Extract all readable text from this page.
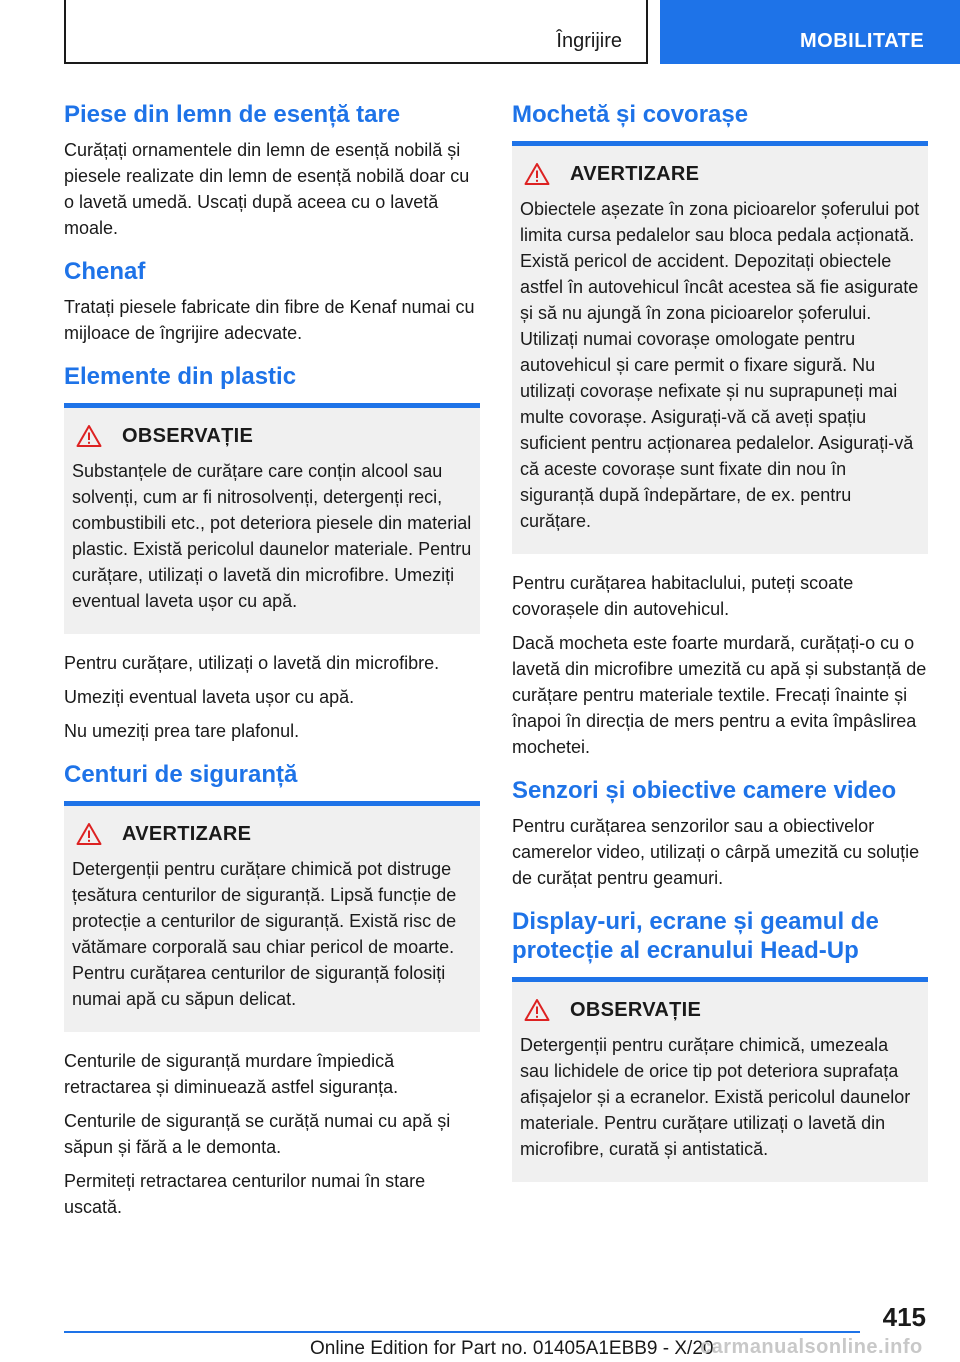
Îngrijire	MOBILITATE
Piese din lemn de esență tare

Curățați ornamentele din lemn de esență nobilă și piesele realizate din lemn de esență nobilă doar cu o lavetă umedă. Uscați după aceea cu o lavetă moale.

Chenaf

Tratați piesele fabricate din fibre de Kenaf numai cu mijloace de îngrijire adecvate.

Elemente din plastic
OBSERVAȚIE

Substanțele de curățare care conțin alcool sau solvenți, cum ar fi nitrosolvenți, detergenți reci, combustibili etc., pot deteriora piesele din material plastic. Există pericolul daunelor materiale. Pentru curățare, utilizați o lavetă din microfibre. Umeziți eventual laveta ușor cu apă.

Pentru curățare, utilizați o lavetă din microfibre.

Umeziți eventual laveta ușor cu apă.

Nu umeziți prea tare plafonul.

Centuri de siguranță
AVERTIZARE

Detergenții pentru curățare chimică pot distruge țesătura centurilor de siguranță. Lipsă funcție de protecție a centurilor de siguranță. Există risc de vătămare corporală sau chiar pericol de moarte. Pentru curățarea centurilor de siguranță folosiți numai apă cu săpun delicat.

Centurile de siguranță murdare împiedică retractarea și diminuează astfel siguranța.

Centurile de siguranță se curăță numai cu apă și săpun și fără a le demonta.

Permiteți retractarea centurilor numai în stare uscată.

Mochetă și covorașe
AVERTIZARE

Obiectele așezate în zona picioarelor șoferului pot limita cursa pedalelor sau bloca pedala acționată. Există pericol de accident. Depozitați obiectele astfel în autovehicul încât acestea să fie asigurate și să nu ajungă în zona picioarelor șoferului. Utilizați numai covorașe omologate pentru autovehicul și care permit o fixare sigură. Nu utilizați covorașe nefixate și nu suprapuneți mai multe covorașe. Asigurați-vă că aveți spațiu suficient pentru acționarea pedalelor. Asigurați-vă că aceste covorașe sunt fixate din nou în siguranță după îndepărtare, de ex. pentru curățare.

Pentru curățarea habitaclului, puteți scoate covorașele din autovehicul.

Dacă mocheta este foarte murdară, curățați-o cu o lavetă din microfibre umezită cu apă și substanță de curățare pentru materiale textile. Frecați înainte și înapoi în direcția de mers pentru a evita împâslirea mochetei.

Senzori și obiective camere video

Pentru curățarea senzorilor sau a obiectivelor camerelor video, utilizați o cârpă umezită cu soluție de curățat pentru geamuri.

Display-uri, ecrane și geamul de protecție al ecranului Head-Up
OBSERVAȚIE

Detergenții pentru curățare chimică, umezeala sau lichidele de orice tip pot deteriora suprafața afișajelor și a ecranelor. Există pericolul daunelor materiale. Pentru curățare utilizați o lavetă din microfibre, curată și antistatică.

415
Online Edition for Part no. 01405A1EBB9 - X/20
carmanualsonline.info
